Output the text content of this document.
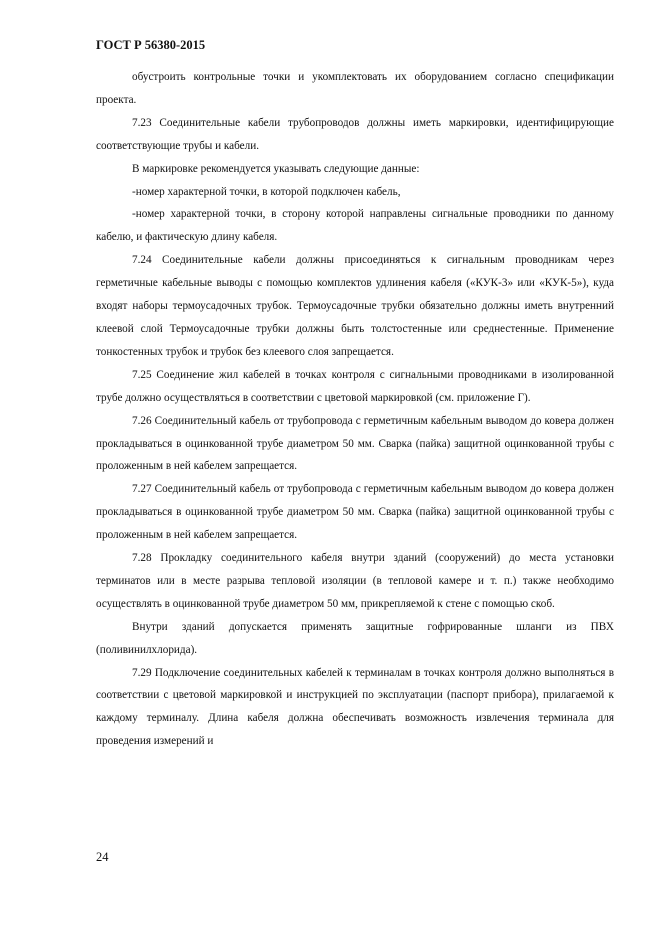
ГОСТ Р 56380-2015

обустроить контрольные точки и укомплектовать их оборудованием согласно спецификации проекта.

7.23 Соединительные кабели трубопроводов должны иметь маркировки, идентифицирующие соответствующие трубы и кабели.

В маркировке рекомендуется указывать следующие данные:

-номер характерной точки, в которой подключен кабель,

-номер характерной точки, в сторону которой направлены сигнальные проводники по данному кабелю, и фактическую длину кабеля.

7.24 Соединительные кабели должны присоединяться к сигнальным проводникам через герметичные кабельные выводы с помощью комплектов удлинения кабеля («КУК-3» или «КУК-5»), куда входят наборы термоусадочных трубок. Термоусадочные трубки обязательно должны иметь внутренний клеевой слой Термоусадочные трубки должны быть толстостенные или среднестенные. Применение тонкостенных трубок и трубок без клеевого слоя запрещается.

7.25 Соединение жил кабелей в точках контроля с сигнальными проводниками в изолированной трубе должно осуществляться в соответствии с цветовой маркировкой (см. приложение Г).

7.26 Соединительный кабель от трубопровода с герметичным кабельным выводом до ковера должен прокладываться в оцинкованной трубе диаметром 50 мм. Сварка (пайка) защитной оцинкованной трубы с проложенным в ней кабелем запрещается.

7.27 Соединительный кабель от трубопровода с герметичным кабельным выводом до ковера должен прокладываться в оцинкованной трубе диаметром 50 мм. Сварка (пайка) защитной оцинкованной трубы с проложенным в ней кабелем запрещается.

7.28 Прокладку соединительного кабеля внутри зданий (сооружений) до места установки терминатов или в месте разрыва тепловой изоляции (в тепловой камере и т. п.) также необходимо осуществлять в оцинкованной трубе диаметром 50 мм, прикрепляемой к стене с помощью скоб.

Внутри зданий допускается применять защитные гофрированные шланги из ПВХ (поливинилхлорида).

7.29 Подключение соединительных кабелей к терминалам в точках контроля должно выполняться в соответствии с цветовой маркировкой и инструкцией по эксплуатации (паспорт прибора), прилагаемой к каждому терминалу. Длина кабеля должна обеспечивать возможность извлечения терминала для проведения измерений и

24
